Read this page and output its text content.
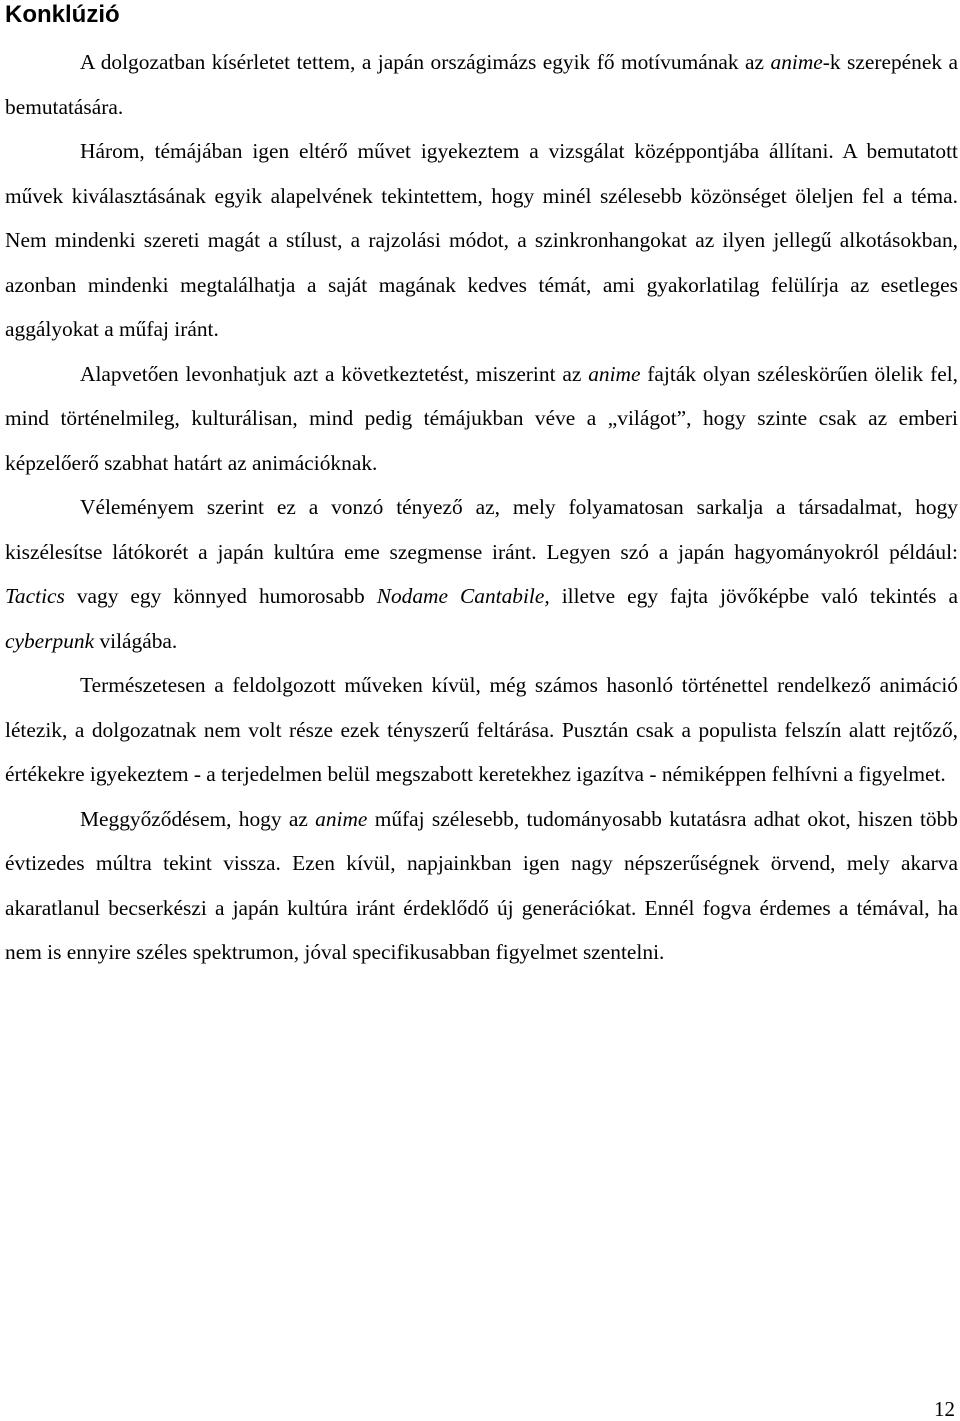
Konklúzió

A dolgozatban kísérletet tettem, a japán országimázs egyik fő motívumának az anime-k szerepének a bemutatására.

Három, témájában igen eltérő művet igyekeztem a vizsgálat középpontjába állítani. A bemutatott művek kiválasztásának egyik alapelvének tekintettem, hogy minél szélesebb közönséget öleljen fel a téma. Nem mindenki szereti magát a stílust, a rajzolási módot, a szinkronhangokat az ilyen jellegű alkotásokban, azonban mindenki megtalálhatja a saját magának kedves témát, ami gyakorlatilag felülírja az esetleges aggályokat a műfaj iránt.

Alapvetően levonhatjuk azt a következtetést, miszerint az anime fajták olyan széleskörűen ölelik fel, mind történelmileg, kulturálisan, mind pedig témájukban véve a „világot”, hogy szinte csak az emberi képzelőerő szabhat határt az animációknak.

Véleményem szerint ez a vonzó tényező az, mely folyamatosan sarkalja a társadalmat, hogy kiszélesítse látókorét a japán kultúra eme szegmense iránt. Legyen szó a japán hagyományokról például: Tactics vagy egy könnyed humorosabb Nodame Cantabile, illetve egy fajta jövőképbe való tekintés a cyberpunk világába.

Természetesen a feldolgozott műveken kívül, még számos hasonló történettel rendelkező animáció létezik, a dolgozatnak nem volt része ezek tényszerű feltárása. Pusztán csak a populista felszín alatt rejtőző, értékekre igyekeztem - a terjedelmen belül megszabott keretekhez igazítva - némiképpen felhívni a figyelmet.

Meggyőződésem, hogy az anime műfaj szélesebb, tudományosabb kutatásra adhat okot, hiszen több évtizedes múltra tekint vissza. Ezen kívül, napjainkban igen nagy népszerűségnek örvend, mely akarva akaratlanul becserkészi a japán kultúra iránt érdeklődő új generációkat. Ennél fogva érdemes a témával, ha nem is ennyire széles spektrumon, jóval specifikusabban figyelmet szentelni.

12
